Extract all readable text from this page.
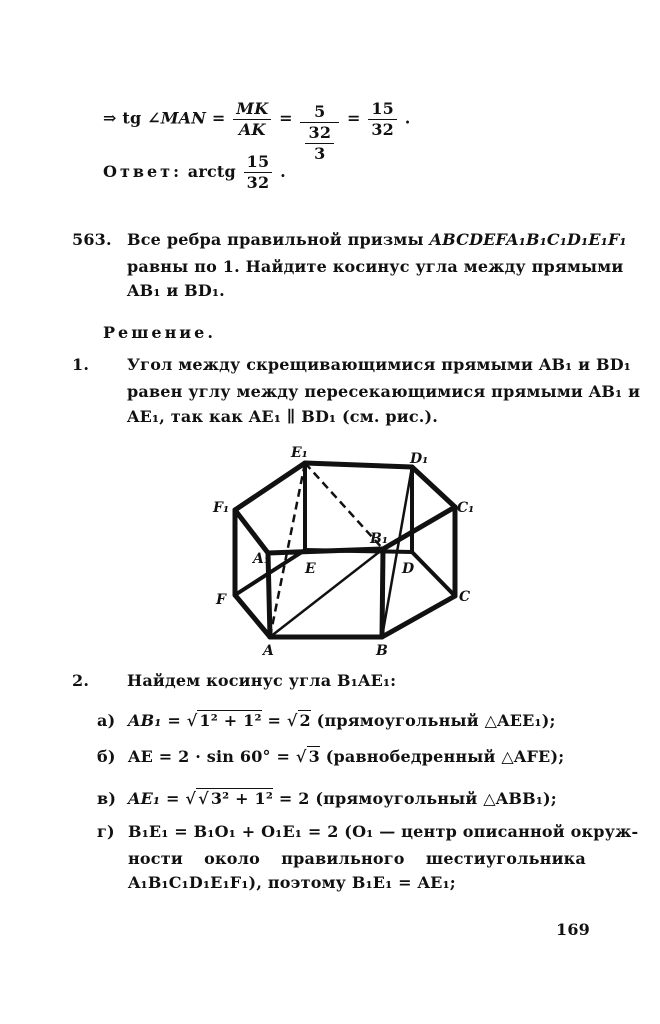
⇒ tg ∠MAN = $\frac{MK}{AK} = \frac{5}{\frac{32}{3}} = \frac{15}{32}$ .
Ответ: arctg $\frac{15}{32}$ .
563. Все ребра правильной призмы ABCDEFA₁B₁C₁D₁E₁F₁
равны по 1. Найдите косинус угла между прямыми
AB₁ и BD₁.
Решение.
1. Угол между скрещивающимися прямыми AB₁ и BD₁
равен углу между пересекающимися прямыми AB₁ и
AE₁, так как AE₁ ∥ BD₁ (см. рис.).
E₁	D₁
F₁	C₁
B₁
A₁
E	D
F	C
A	B
2. Найдем косинус угла B₁AE₁:
а) AB₁ = √ 1² + 1² = √ 2 (прямоугольный △AEE₁);
б) AE = 2 · sin 60° = √ 3 (равнобедренный △AFE);
в) AE₁ = √ √ 3² + 1² = 2 (прямоугольный △ABB₁);
г) B₁E₁ = B₁O₁ + O₁E₁ = 2 (O₁ — центр описанной окруж-
ности около правильного шестиугольника
A₁B₁C₁D₁E₁F₁), поэтому B₁E₁ = AE₁;
169
